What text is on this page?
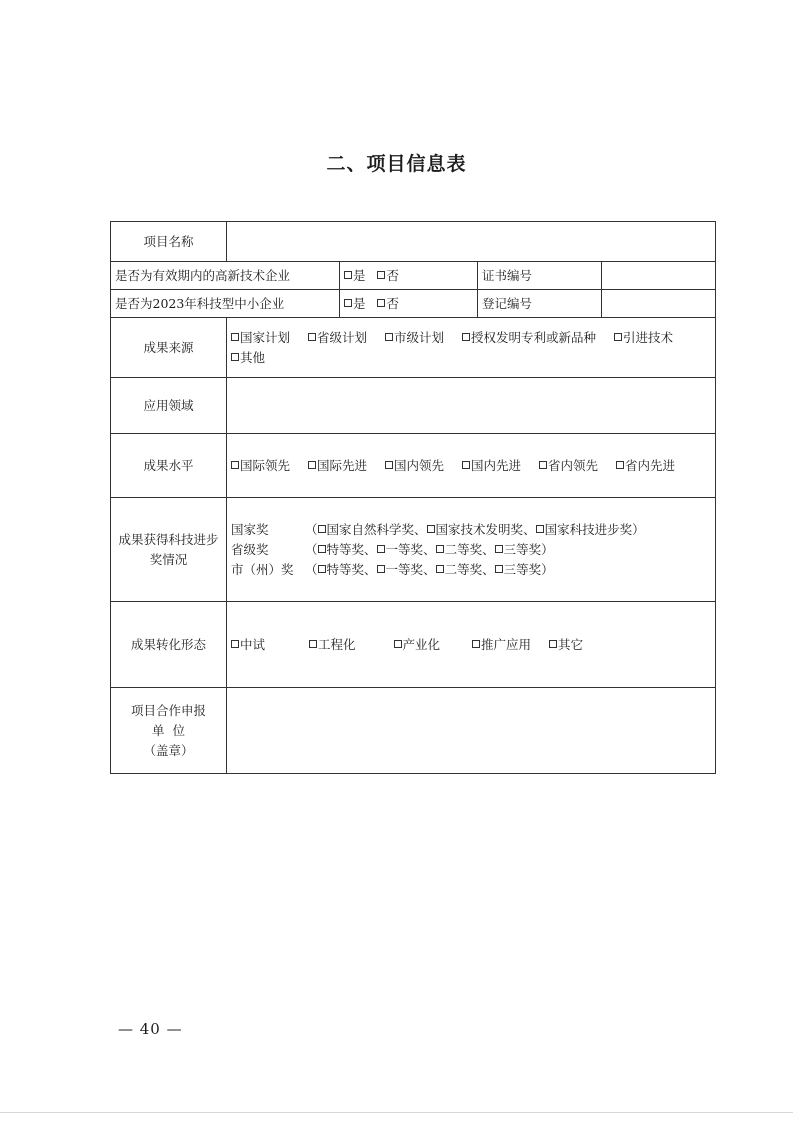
二、项目信息表
项目名称				
是否为有效期内的高新技术企业		是 否	证书编号	
是否为2023年科技型中小企业		是 否	登记编号	
成果来源	国家计划 省级计划 市级计划 授权发明专利或新品种 引进技术 其他			
应用领域				
成果水平	国际领先 国际先进 国内领先 国内先进 省内领先 省内先进			
成果获得科技进步奖情况	国家奖 （ 国家自然科学奖、 国家技术发明奖、 国家科技进步奖）
省级奖 （ 特等奖、 一等奖、 二等奖、 三等奖）
市（州）奖 （ 特等奖、 一等奖、 二等奖、 三等奖）			

成果转化形态	中试 工程化 产业化 推广应用 其它			

项目合作申报
单  位
（盖章）				

— 40 —
